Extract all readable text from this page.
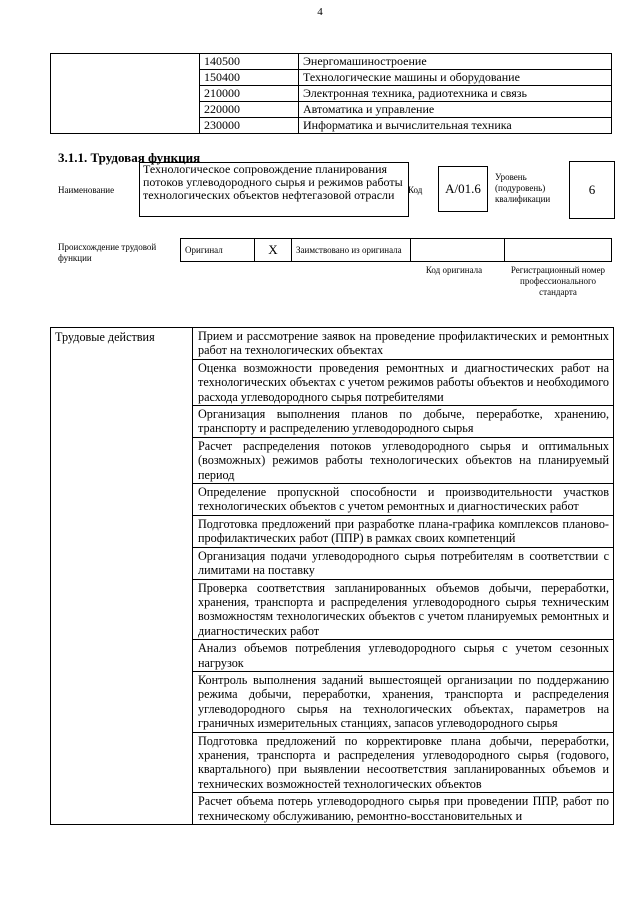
4
	140500	Энергомашиностроение
	150400	Технологические машины и оборудование
	210000	Электронная техника, радиотехника и связь
	220000	Автоматика и управление
	230000	Информатика и вычислительная техника
3.1.1. Трудовая функция
Наименование
Технологическое сопровождение планирования потоков углеводородного сырья и режимов работы технологических объектов нефтегазовой отрасли	Код	A/01.6
Уровень (подуровень) квалификации
6
Происхождение трудовой функции
Оригинал	X	Заимствовано из оригинала		
Код оригинала	Регистрационный номер профессионального стандарта
Трудовые действия	Прием и рассмотрение заявок на проведение профилактических и ремонтных работ на технологических объектах
Оценка возможности проведения ремонтных и диагностических работ на технологических объектах с учетом режимов работы объектов и необходимого расхода углеводородного сырья потребителями
Организация выполнения планов по добыче, переработке, хранению, транспорту и распределению углеводородного сырья
Расчет распределения потоков углеводородного сырья и оптимальных (возможных) режимов работы технологических объектов на планируемый период
Определение пропускной способности и производительности участков технологических объектов с учетом ремонтных и диагностических работ
Подготовка предложений при разработке плана-графика комплексов планово-профилактических работ (ППР) в рамках своих компетенций
Организация подачи углеводородного сырья потребителям в соответствии с лимитами на поставку
Проверка соответствия запланированных объемов добычи, переработки, хранения, транспорта и распределения углеводородного сырья техническим возможностям технологических объектов с учетом планируемых ремонтных и диагностических работ
Анализ объемов потребления углеводородного сырья с учетом сезонных нагрузок
Контроль выполнения заданий вышестоящей организации по поддержанию режима добычи, переработки, хранения, транспорта и распределения углеводородного сырья на технологических объектах, параметров на граничных измерительных станциях, запасов углеводородного сырья
Подготовка предложений по корректировке плана добычи, переработки, хранения, транспорта и распределения углеводородного сырья (годового, квартального) при выявлении несоответствия запланированных объемов и технических возможностей технологических объектов
Расчет объема потерь углеводородного сырья при проведении ППР, работ по техническому обслуживанию, ремонтно-восстановительных и
